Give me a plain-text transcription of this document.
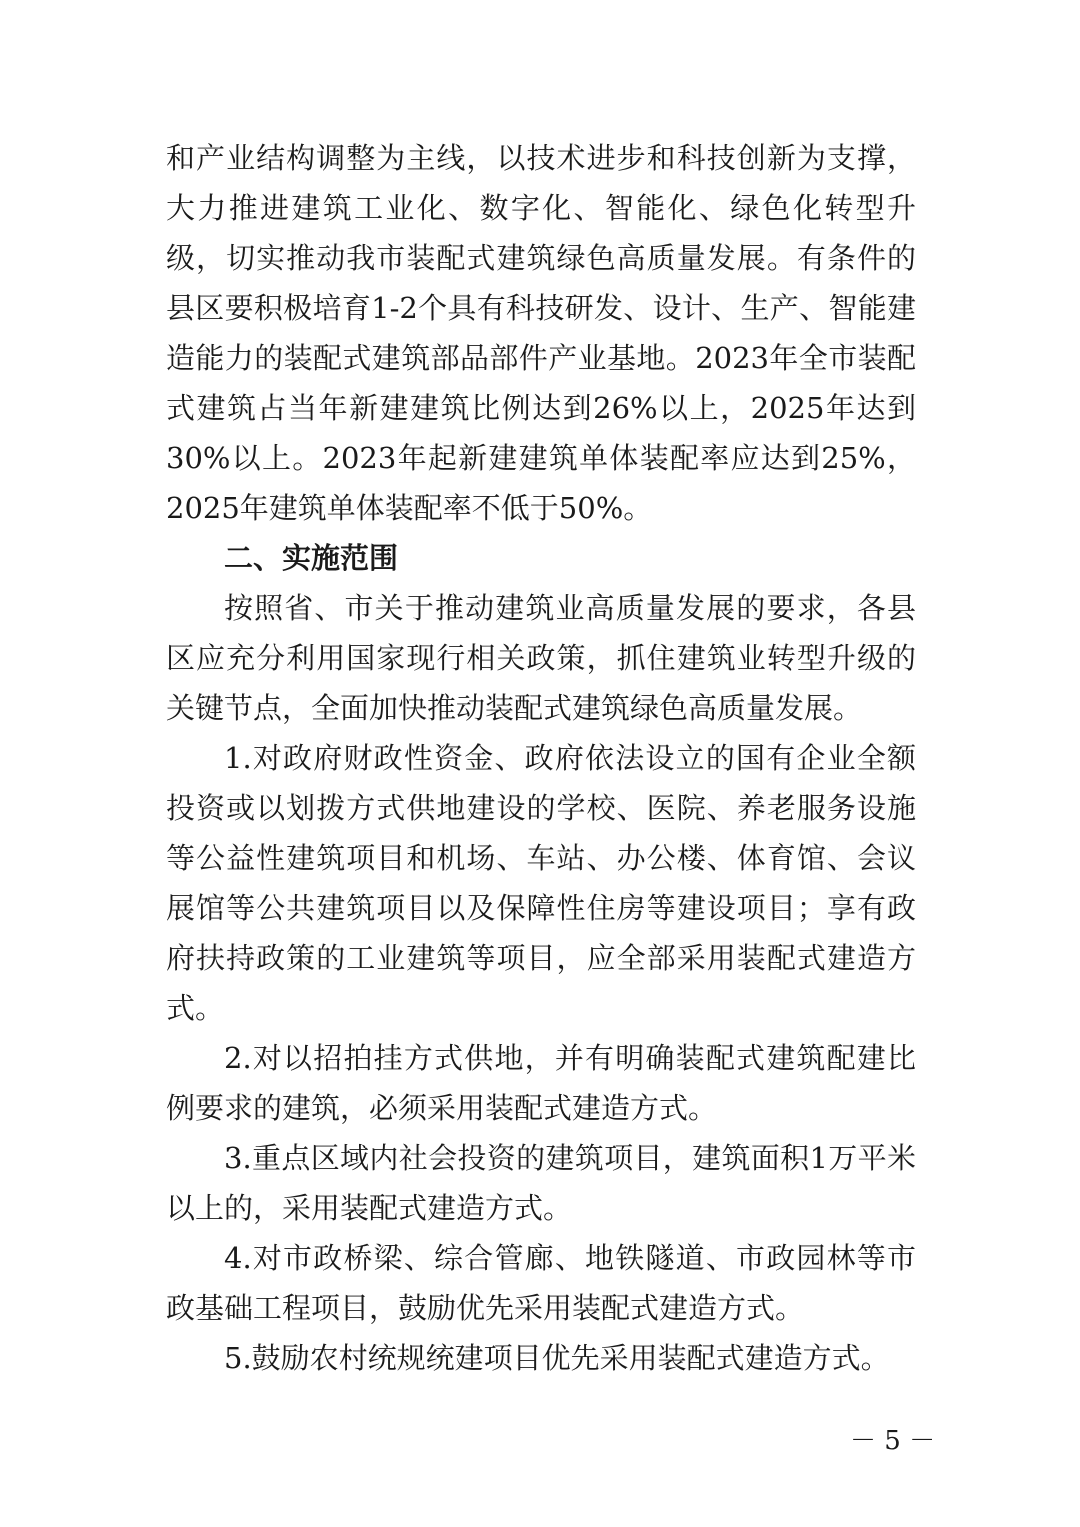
和产业结构调整为主线，以技术进步和科技创新为支撑，大力推进建筑工业化、数字化、智能化、绿色化转型升级，切实推动我市装配式建筑绿色高质量发展。有条件的县区要积极培育1-2个具有科技研发、设计、生产、智能建造能力的装配式建筑部品部件产业基地。2023年全市装配式建筑占当年新建建筑比例达到26%以上，2025年达到30%以上。2023年起新建建筑单体装配率应达到25%，2025年建筑单体装配率不低于50%。

二、实施范围

按照省、市关于推动建筑业高质量发展的要求，各县区应充分利用国家现行相关政策，抓住建筑业转型升级的关键节点，全面加快推动装配式建筑绿色高质量发展。

1.对政府财政性资金、政府依法设立的国有企业全额投资或以划拨方式供地建设的学校、医院、养老服务设施等公益性建筑项目和机场、车站、办公楼、体育馆、会议展馆等公共建筑项目以及保障性住房等建设项目；享有政府扶持政策的工业建筑等项目，应全部采用装配式建造方式。

2.对以招拍挂方式供地，并有明确装配式建筑配建比例要求的建筑，必须采用装配式建造方式。

3.重点区域内社会投资的建筑项目，建筑面积1万平米以上的，采用装配式建造方式。

4.对市政桥梁、综合管廊、地铁隧道、市政园林等市政基础工程项目，鼓励优先采用装配式建造方式。

5.鼓励农村统规统建项目优先采用装配式建造方式。

－ 5 －
